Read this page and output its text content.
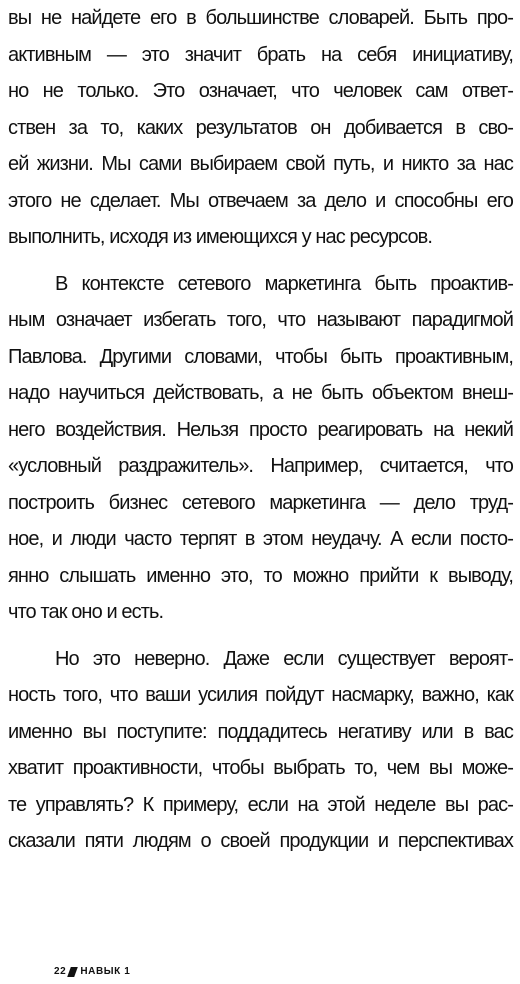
вы не найдете его в большинстве словарей. Быть про-
активным — это значит брать на себя инициативу,
но не только. Это означает, что человек сам ответ-
ствен за то, каких результатов он добивается в сво-
ей жизни. Мы сами выбираем свой путь, и никто за нас
этого не сделает. Мы отвечаем за дело и способны его
выполнить, исходя из имеющихся у нас ресурсов.
В контексте сетевого маркетинга быть проактив-
ным означает избегать того, что называют парадигмой
Павлова. Другими словами, чтобы быть проактивным,
надо научиться действовать, а не быть объектом внеш-
него воздействия. Нельзя просто реагировать на некий
«условный раздражитель». Например, считается, что
построить бизнес сетевого маркетинга — дело труд-
ное, и люди часто терпят в этом неудачу. А если посто-
янно слышать именно это, то можно прийти к выводу,
что так оно и есть.
Но это неверно. Даже если существует вероят-
ность того, что ваши усилия пойдут насмарку, важно, как
именно вы поступите: поддадитесь негативу или в вас
хватит проактивности, чтобы выбрать то, чем вы може-
те управлять? К примеру, если на этой неделе вы рас-
сказали пяти людям о своей продукции и перспективах
22 НАВЫК 1
